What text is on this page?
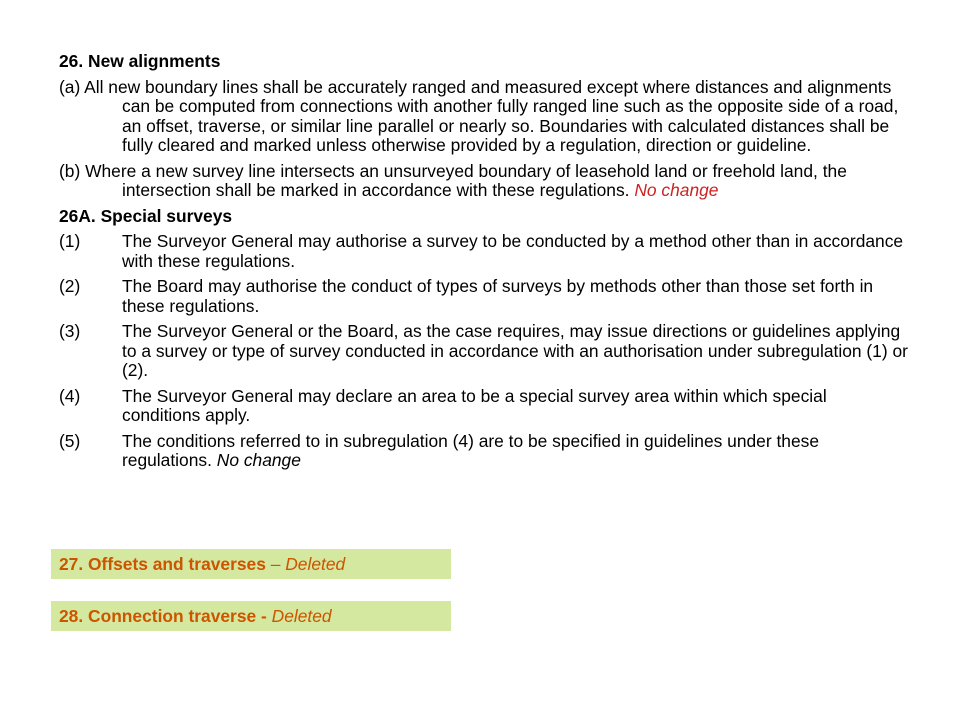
26. New alignments

(a) All new boundary lines shall be accurately ranged and measured except where distances and alignments can be computed from connections with another fully ranged line such as the opposite side of a road, an offset, traverse, or similar line parallel or nearly so. Boundaries with calculated distances shall be fully cleared and marked unless otherwise provided by a regulation, direction or guideline.

(b) Where a new survey line intersects an unsurveyed boundary of leasehold land or freehold land, the intersection shall be marked in accordance with these regulations. No change

26A. Special surveys

(1)	The Surveyor General may authorise a survey to be conducted by a method other than in accordance with these regulations.
(2)	The Board may authorise the conduct of types of surveys by methods other than those set forth in these regulations.
(3)	The Surveyor General or the Board, as the case requires, may issue directions or guidelines applying to a survey or type of survey conducted in accordance with an authorisation under subregulation (1) or (2).
(4)	The Surveyor General may declare an area to be a special survey area within which special conditions apply.
(5)	The conditions referred to in subregulation (4) are to be specified in guidelines under these regulations. No change
27. Offsets and traverses – Deleted
28. Connection traverse - Deleted
